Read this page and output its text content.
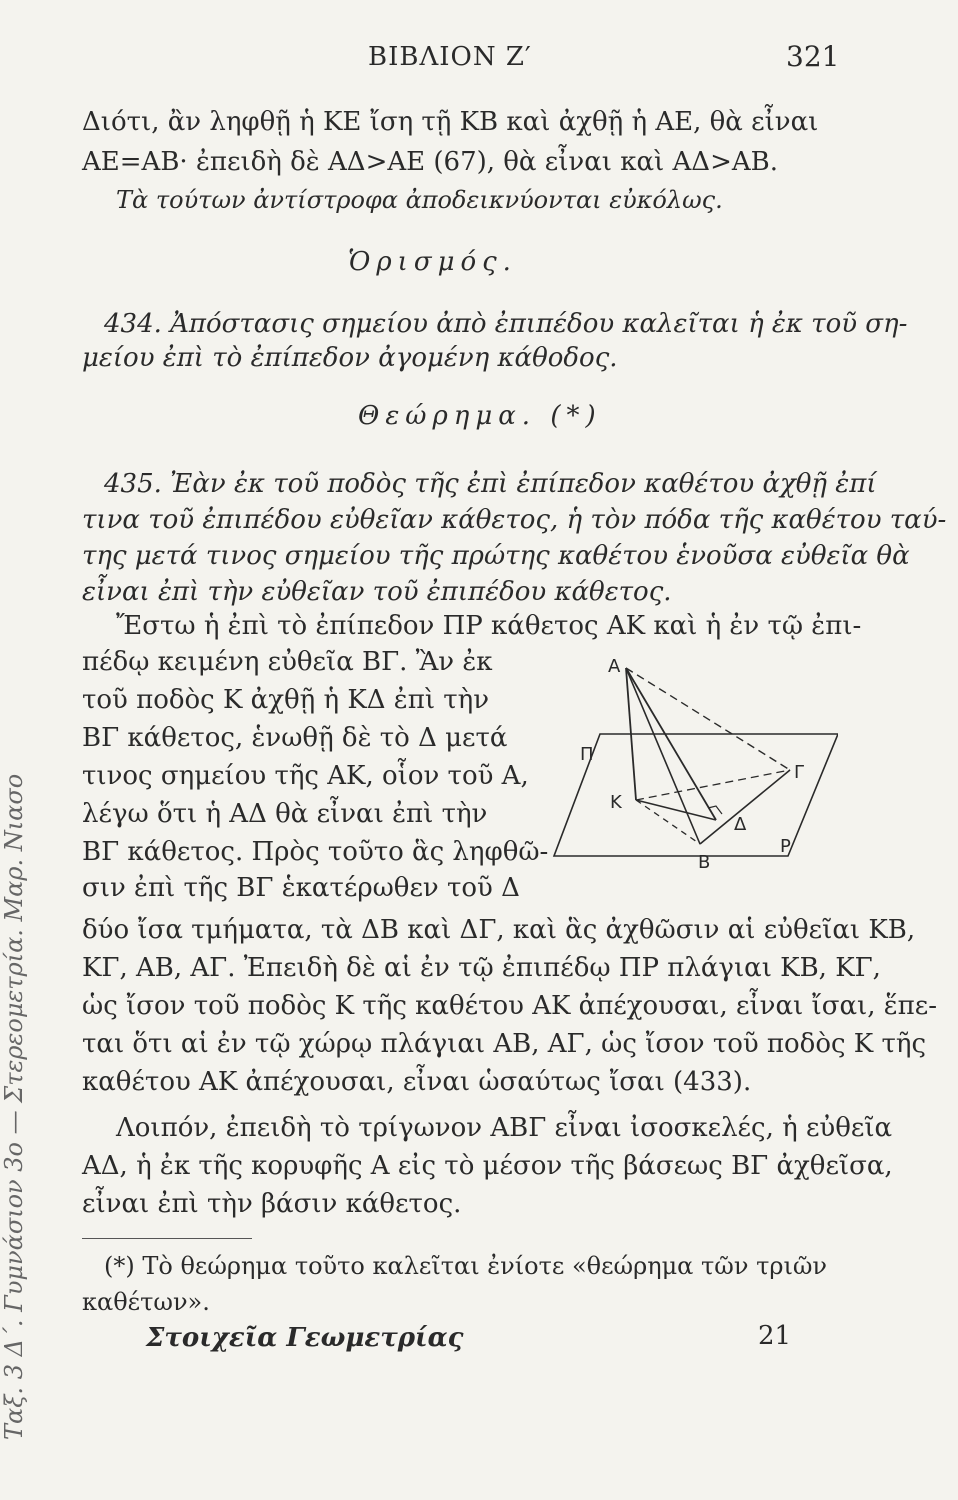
ΒΙΒΛΙΟΝ Ζ′	321
Διότι, ἂν ληφθῇ ἡ ΚΕ ἴση τῇ ΚΒ καὶ ἀχθῇ ἡ ΑΕ, θὰ εἶναι
ΑΕ=ΑΒ· ἐπειδὴ δὲ ΑΔ>ΑΕ (67), θὰ εἶναι καὶ ΑΔ>ΑΒ.
Τὰ τούτων ἀντίστροφα ἀποδεικνύονται εὐκόλως.
Ὁρισμός.
434. Ἀπόστασις σημείου ἀπὸ ἐπιπέδου καλεῖται ἡ ἐκ τοῦ ση-
μείου ἐπὶ τὸ ἐπίπεδον ἀγομένη κάθοδος.
Θεώρημα. (*)
435. Ἐὰν ἐκ τοῦ ποδὸς τῆς ἐπὶ ἐπίπεδον καθέτου ἀχθῇ ἐπί
τινα τοῦ ἐπιπέδου εὐθεῖαν κάθετος, ἡ τὸν πόδα τῆς καθέτου ταύ-
της μετά τινος σημείου τῆς πρώτης καθέτου ἑνοῦσα εὐθεῖα θὰ
εἶναι ἐπὶ τὴν εὐθεῖαν τοῦ ἐπιπέδου κάθετος.
Ἔστω ἡ ἐπὶ τὸ ἐπίπεδον ΠΡ κάθετος ΑΚ καὶ ἡ ἐν τῷ ἐπι-
πέδῳ κειμένη εὐθεῖα ΒΓ. Ἂν ἐκ
τοῦ ποδὸς Κ ἀχθῇ ἡ ΚΔ ἐπὶ τὴν
ΒΓ κάθετος, ἑνωθῇ δὲ τὸ Δ μετά
τινος σημείου τῆς ΑΚ, οἷον τοῦ Α,
λέγω ὅτι ἡ ΑΔ θὰ εἶναι ἐπὶ τὴν
ΒΓ κάθετος. Πρὸς τοῦτο ἃς ληφθῶ-
σιν ἐπὶ τῆς ΒΓ ἑκατέρωθεν τοῦ Δ
A
Γ
Π
K
Δ
B
P
δύο ἴσα τμήματα, τὰ ΔΒ καὶ ΔΓ, καὶ ἃς ἀχθῶσιν αἱ εὐθεῖαι ΚΒ,
ΚΓ, ΑΒ, ΑΓ. Ἐπειδὴ δὲ αἱ ἐν τῷ ἐπιπέδῳ ΠΡ πλάγιαι ΚΒ, ΚΓ,
ὡς ἴσον τοῦ ποδὸς Κ τῆς καθέτου ΑΚ ἀπέχουσαι, εἶναι ἴσαι, ἕπε-
ται ὅτι αἱ ἐν τῷ χώρῳ πλάγιαι ΑΒ, ΑΓ, ὡς ἴσον τοῦ ποδὸς Κ τῆς
καθέτου ΑΚ ἀπέχουσαι, εἶναι ὡσαύτως ἴσαι (433).
Λοιπόν, ἐπειδὴ τὸ τρίγωνον ΑΒΓ εἶναι ἰσοσκελές, ἡ εὐθεῖα
ΑΔ, ἡ ἐκ τῆς κορυφῆς Α εἰς τὸ μέσον τῆς βάσεως ΒΓ ἀχθεῖσα,
εἶναι ἐπὶ τὴν βάσιν κάθετος.
(*) Τὸ θεώρημα τοῦτο καλεῖται ἐνίοτε «θεώρημα τῶν τριῶν
καθέτων».
Στοιχεῖα Γεωμετρίας	21
Ταξ. 3 Δ΄. Γυμνάσιον 3ο — Στερεομετρία. Μαρ. Νιασο
